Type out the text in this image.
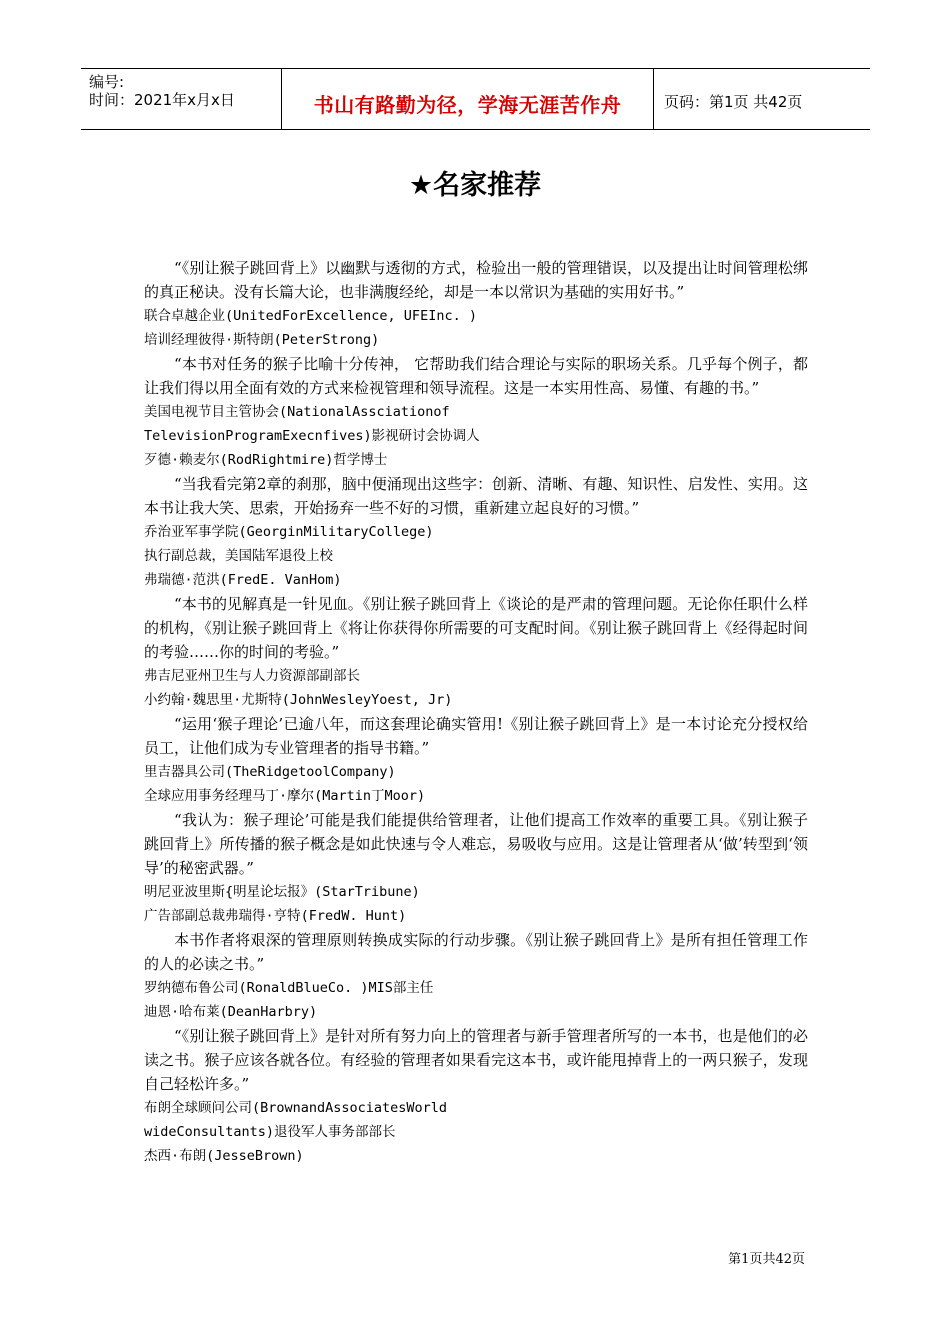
编号:
时间：2021年x月x日	书山有路勤为径，学海无涯苦作舟	页码：第1页 共42页
★名家推荐

“《别让猴子跳回背上》以幽默与透彻的方式，检验出一般的管理错误，以及提出让时间管理松绑的真正秘诀。没有长篇大论，也非满腹经纶，却是一本以常识为基础的实用好书。”

联合卓越企业(UnitedForExcellence, UFEInc. )

培训经理彼得·斯特朗(PeterStrong)

“本书对任务的猴子比喻十分传神， 它帮助我们结合理论与实际的职场关系。几乎每个例子，都让我们得以用全面有效的方式来检视管理和领导流程。这是一本实用性高、易懂、有趣的书。”

美国电视节目主管协会(NationalAssciationof

TelevisionProgramExecnfives)影视研讨会协调人

歹德·赖麦尔(RodRightmire)哲学博士

“当我看完第2章的刹那，脑中便涌现出这些字：创新、清晰、有趣、知识性、启发性、实用。这本书让我大笑、思索，开始扬弃一些不好的习惯，重新建立起良好的习惯。”

乔治亚军事学院(GeorginMilitaryCollege)

执行副总裁，美国陆军退役上校

弗瑞德·范洪(FredE. VanHom)

“本书的见解真是一针见血。《别让猴子跳回背上《谈论的是严肃的管理问题。无论你任职什么样的机构，《别让猴子跳回背上《将让你获得你所需要的可支配时间。《别让猴子跳回背上《经得起时间的考验……你的时间的考验。”

弗吉尼亚州卫生与人力资源部副部长

小约翰·魏思里·尤斯特(JohnWesleyYoest, Jr)

“运用‘猴子理论’已逾八年，而这套理论确实管用!《别让猴子跳回背上》是一本讨论充分授权给员工，让他们成为专业管理者的指导书籍。”

里吉器具公司(TheRidgetoolCompany)

全球应用事务经理马丁·摩尔(Martin丁Moor)

“我认为：猴子理论’可能是我们能提供给管理者，让他们提高工作效率的重要工具。《别让猴子跳回背上》所传播的猴子概念是如此快速与令人难忘，易吸收与应用。这是让管理者从‘做’转型到‘领导’的秘密武器。”

明尼亚波里斯{明星论坛报》(StarTribune)

广告部副总裁弗瑞得·亨特(FredW. Hunt)

本书作者将艰深的管理原则转换成实际的行动步骤。《别让猴子跳回背上》是所有担任管理工作的人的必读之书。”

罗纳德布鲁公司(RonaldBlueCo. )MIS部主任

迪恩·哈布莱(DeanHarbry)

“《别让猴子跳回背上》是针对所有努力向上的管理者与新手管理者所写的一本书，也是他们的必读之书。猴子应该各就各位。有经验的管理者如果看完这本书，或许能甩掉背上的一两只猴子，发现自己轻松许多。”

布朗全球顾问公司(BrownandAssociatesWorld

wideConsultants)退役军人事务部部长

杰西·布朗(JesseBrown)

第1页共42页
